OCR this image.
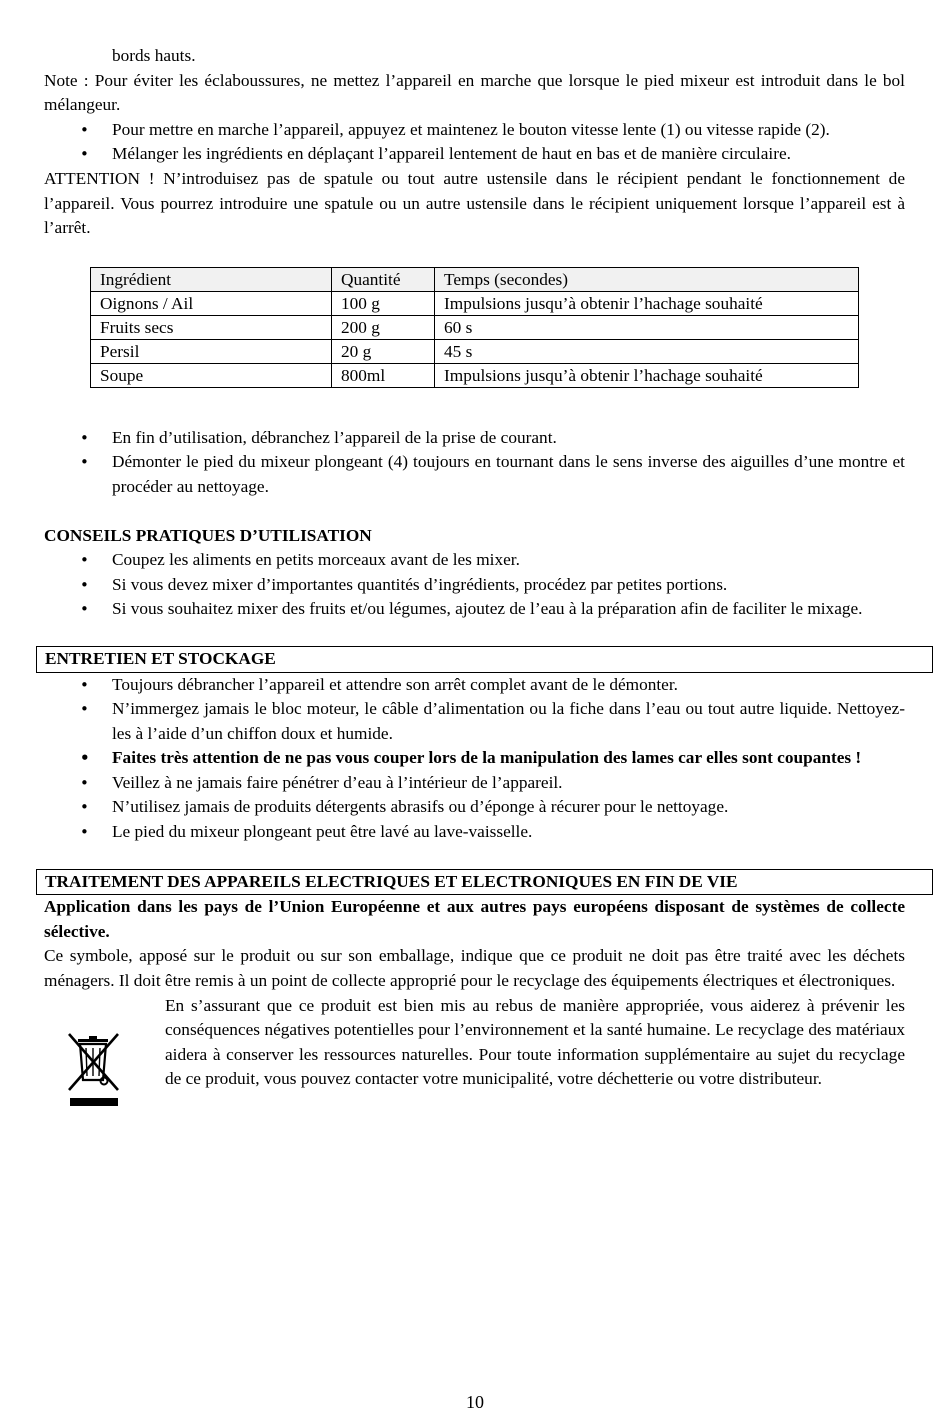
bords hauts.

Note : Pour éviter les éclaboussures, ne mettez l’appareil en marche que lorsque le pied mixeur est introduit dans le bol mélangeur.

• Pour mettre en marche l’appareil, appuyez et maintenez le bouton vitesse lente (1) ou vitesse rapide (2).
• Mélanger les ingrédients en déplaçant l’appareil lentement de haut en bas et de manière circulaire.

ATTENTION ! N’introduisez pas de spatule ou tout autre ustensile dans le récipient pendant le fonctionnement de l’appareil. Vous pourrez introduire une spatule ou un autre ustensile dans le récipient uniquement lorsque l’appareil est à l’arrêt.

Ingrédient	Quantité	Temps (secondes)
Oignons / Ail	100 g	Impulsions jusqu’à obtenir l’hachage souhaité
Fruits secs	200 g	60 s
Persil	20 g	45 s
Soupe	800ml	Impulsions jusqu’à obtenir l’hachage souhaité
• En fin d’utilisation, débranchez l’appareil de la prise de courant.
• Démonter le pied du mixeur plongeant (4) toujours en tournant dans le sens inverse des aiguilles d’une montre et procéder au nettoyage.

CONSEILS PRATIQUES D’UTILISATION

• Coupez les aliments en petits morceaux avant de les mixer.
• Si vous devez mixer d’importantes quantités d’ingrédients, procédez par petites portions.
• Si vous souhaitez mixer des fruits et/ou légumes, ajoutez de l’eau à la préparation afin de faciliter le mixage.
ENTRETIEN ET STOCKAGE
• Toujours débrancher l’appareil et attendre son arrêt complet avant de le démonter.
• N’immergez jamais le bloc moteur, le câble d’alimentation ou la fiche dans l’eau ou tout autre liquide. Nettoyez-les à l’aide d’un chiffon doux et humide.
• Faites très attention de ne pas vous couper lors de la manipulation des lames car elles sont coupantes !
• Veillez à ne jamais faire pénétrer d’eau à l’intérieur de l’appareil.
• N’utilisez jamais de produits détergents abrasifs ou d’éponge à récurer pour le nettoyage.
• Le pied du mixeur plongeant peut être lavé au lave-vaisselle.
TRAITEMENT DES APPAREILS ELECTRIQUES ET ELECTRONIQUES EN FIN DE VIE

Application dans les pays de l’Union Européenne et aux autres pays européens disposant de systèmes de collecte sélective.

Ce symbole, apposé sur le produit ou sur son emballage, indique que ce produit ne doit pas être traité avec les déchets ménagers. Il doit être remis à un point de collecte approprié pour le recyclage des équipements électriques et électroniques.

En s’assurant que ce produit est bien mis au rebus de manière appropriée, vous aiderez à prévenir les conséquences négatives potentielles pour l’environnement et la santé humaine. Le recyclage des matériaux aidera à conserver les ressources naturelles. Pour toute information supplémentaire au sujet du recyclage de ce produit, vous pouvez contacter votre municipalité, votre déchetterie ou votre distributeur.

10
